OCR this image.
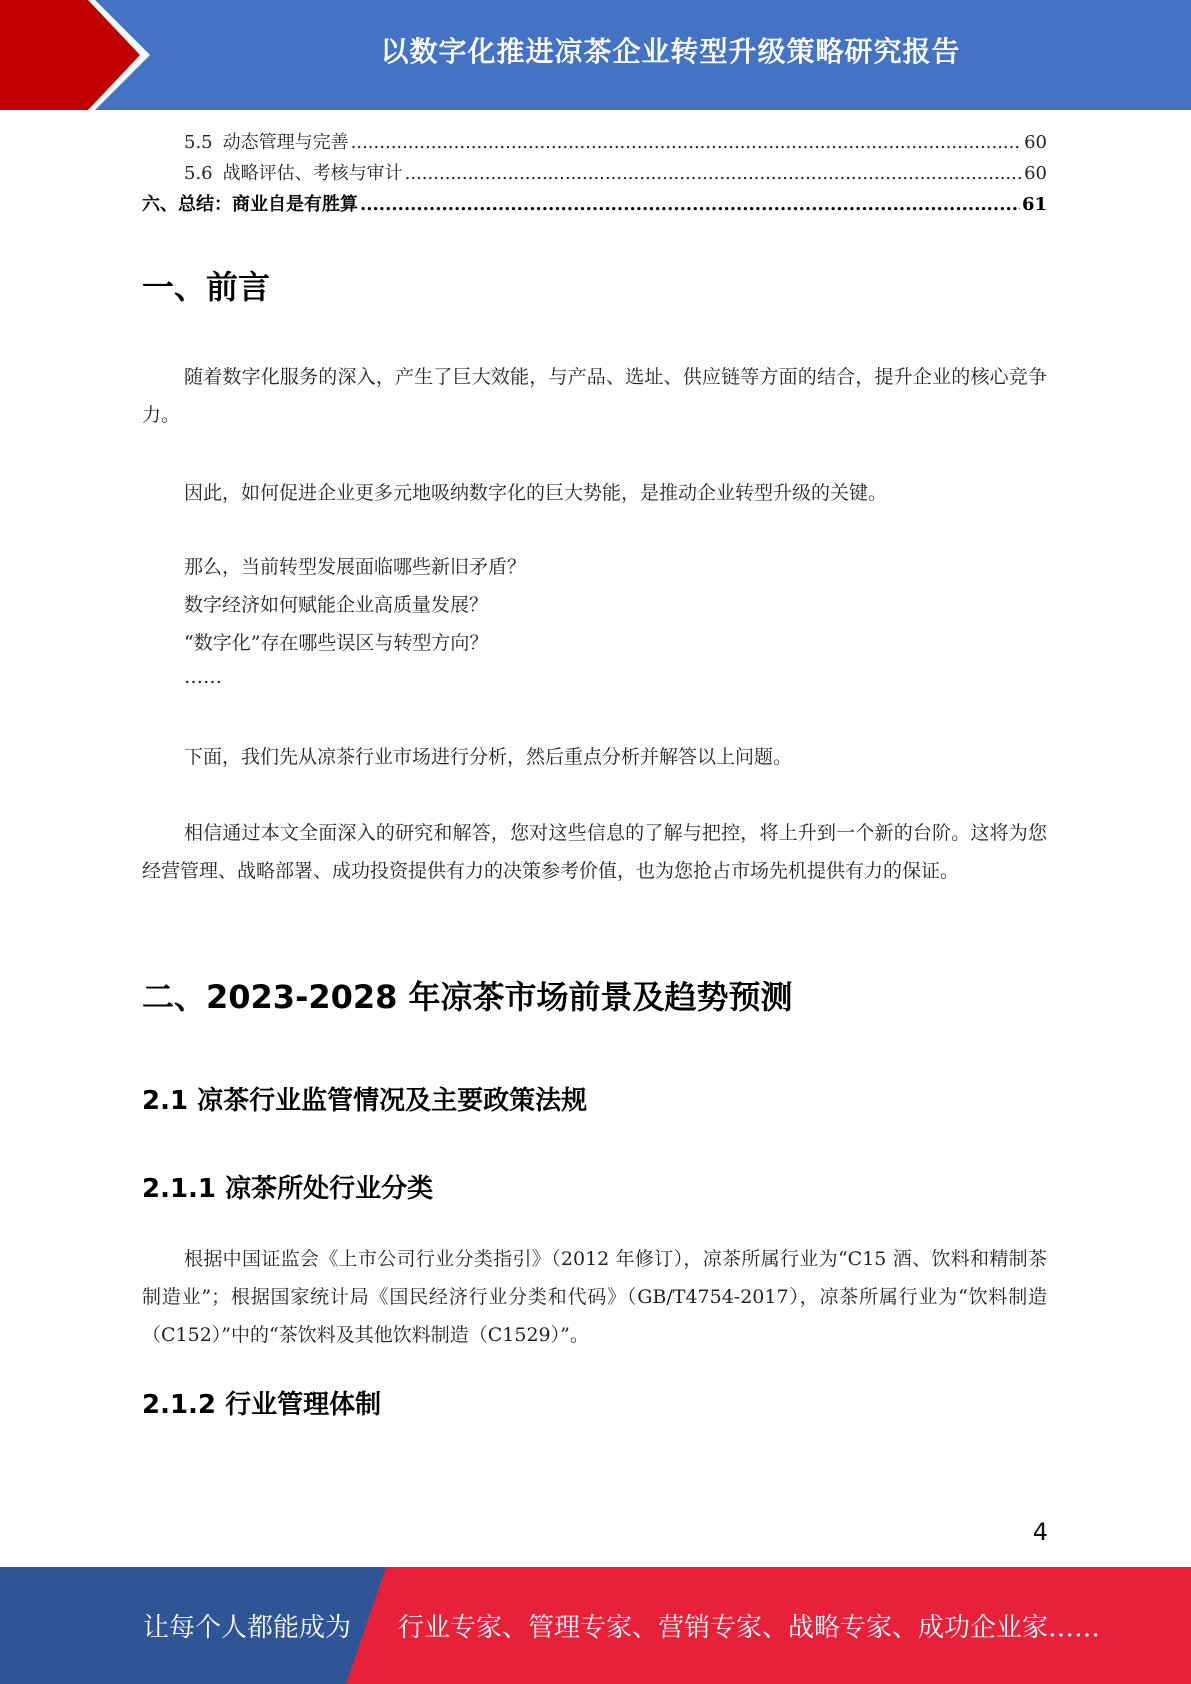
以数字化推进凉茶企业转型升级策略研究报告
5.5 动态管理与完善 .....	60
5.6 战略评估、考核与审计 .....	60
六、总结：商业自是有胜算 .....	61
一、前言

随着数字化服务的深入，产生了巨大效能，与产品、选址、供应链等方面的结合，提升企业的核心竞争力。

因此，如何促进企业更多元地吸纳数字化的巨大势能，是推动企业转型升级的关键。

那么，当前转型发展面临哪些新旧矛盾？

数字经济如何赋能企业高质量发展？

“数字化”存在哪些误区与转型方向？

……

下面，我们先从凉茶行业市场进行分析，然后重点分析并解答以上问题。

相信通过本文全面深入的研究和解答，您对这些信息的了解与把控，将上升到一个新的台阶。这将为您经营管理、战略部署、成功投资提供有力的决策参考价值，也为您抢占市场先机提供有力的保证。

二、2023-2028 年凉茶市场前景及趋势预测
2.1 凉茶行业监管情况及主要政策法规
2.1.1 凉茶所处行业分类

根据中国证监会《上市公司行业分类指引》（2012 年修订），凉茶所属行业为“C15 酒、饮料和精制茶制造业”；根据国家统计局《国民经济行业分类和代码》（GB/T4754-2017），凉茶所属行业为“饮料制造（C152）”中的“茶饮料及其他饮料制造（C1529）”。

2.1.2 行业管理体制
4
让每个人都能成为 行业专家、管理专家、营销专家、战略专家、成功企业家……
